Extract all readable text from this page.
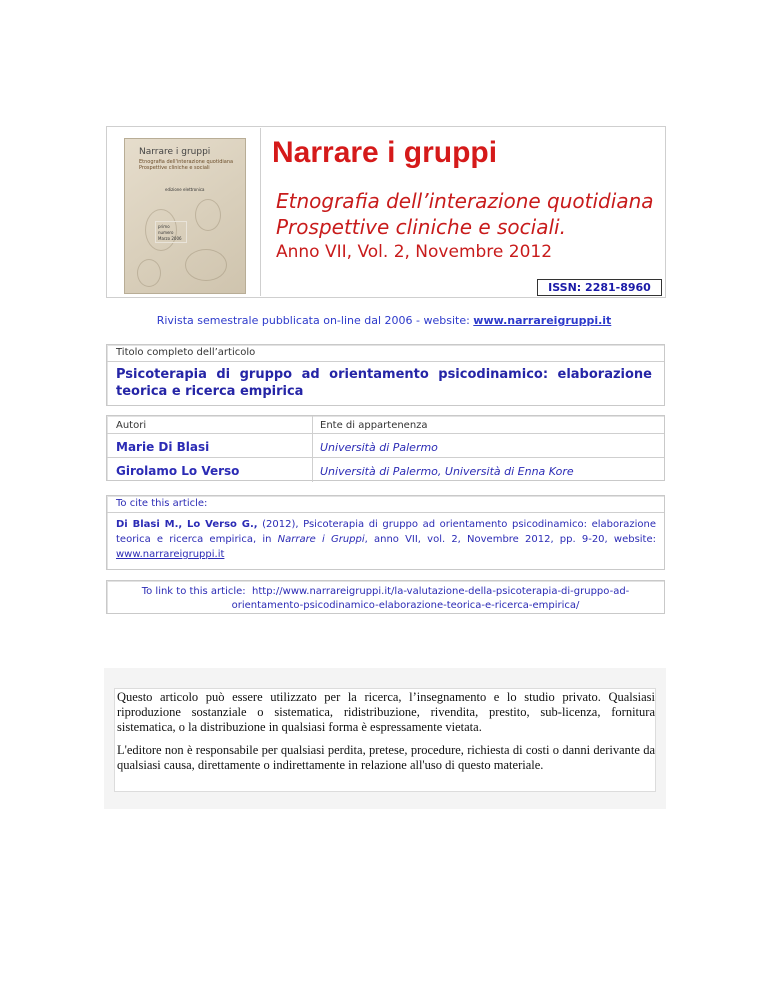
Narrare i gruppi
Etnografia dell'interazione quotidiana Prospettive cliniche e sociali
edizione elettronica
primo numero
Marzo 2006
Narrare i gruppi
Etnografia dell’interazione quotidiana
Prospettive cliniche e sociali.
Anno VII, Vol. 2, Novembre 2012
ISSN: 2281-8960
Rivista semestrale pubblicata on-line dal 2006 - website: www.narrareigruppi.it
Titolo completo dell’articolo
Psicoterapia di gruppo ad orientamento psicodinamico: elaborazione teorica e ricerca empirica
Autori	Ente di appartenenza
Marie Di Blasi	Università di Palermo
Girolamo Lo Verso	Università di Palermo, Università di Enna Kore
To cite this article:
Di Blasi M., Lo Verso G., (2012), Psicoterapia di gruppo ad orientamento psicodinamico: elaborazione teorica e ricerca empirica, in Narrare i Gruppi, anno VII, vol. 2, Novembre 2012, pp. 9-20, website: www.narrareigruppi.it
To link to this article: http://www.narrareigruppi.it/la-valutazione-della-psicoterapia-di-gruppo-ad-
orientamento-psicodinamico-elaborazione-teorica-e-ricerca-empirica/

Questo articolo può essere utilizzato per la ricerca, l’insegnamento e lo studio privato. Qualsiasi riproduzione sostanziale o sistematica, ridistribuzione, rivendita, prestito, sub-licenza, fornitura sistematica, o la distribuzione in qualsiasi forma è espressamente vietata.

L'editore non è responsabile per qualsiasi perdita, pretese, procedure, richiesta di costi o danni derivante da qualsiasi causa, direttamente o indirettamente in relazione all'uso di questo materiale.
